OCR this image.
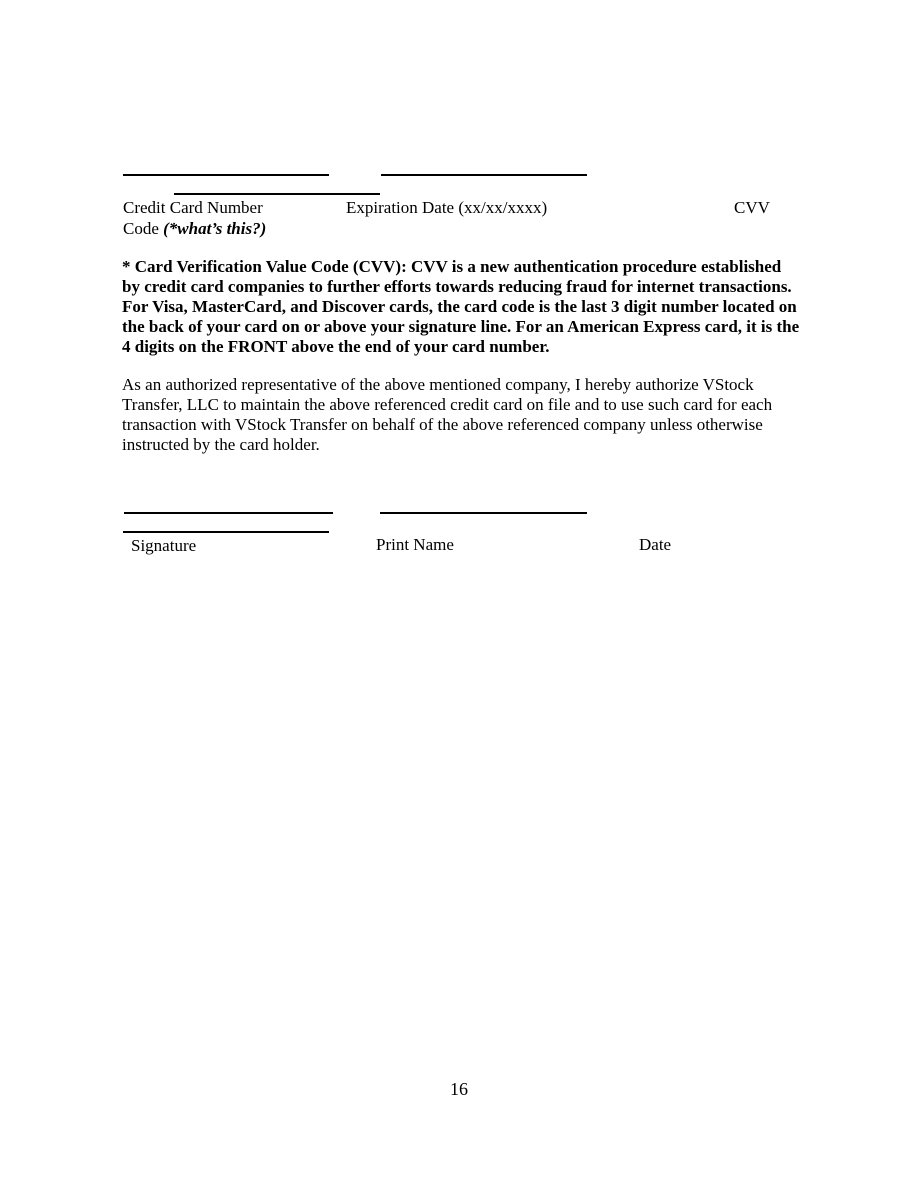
Credit Card Number	Expiration Date (xx/xx/xxxx)	CVV
Code (*what’s this?)
* Card Verification Value Code (CVV): CVV is a new authentication procedure established by credit card companies to further efforts towards reducing fraud for internet transactions. For Visa, MasterCard, and Discover cards, the card code is the last 3 digit number located on the back of your card on or above your signature line. For an American Express card, it is the 4 digits on the FRONT above the end of your card number.
As an authorized representative of the above mentioned company, I hereby authorize VStock Transfer, LLC to maintain the above referenced credit card on file and to use such card for each transaction with VStock Transfer on behalf of the above referenced company unless otherwise instructed by the card holder.
Signature	Print Name	Date
16
